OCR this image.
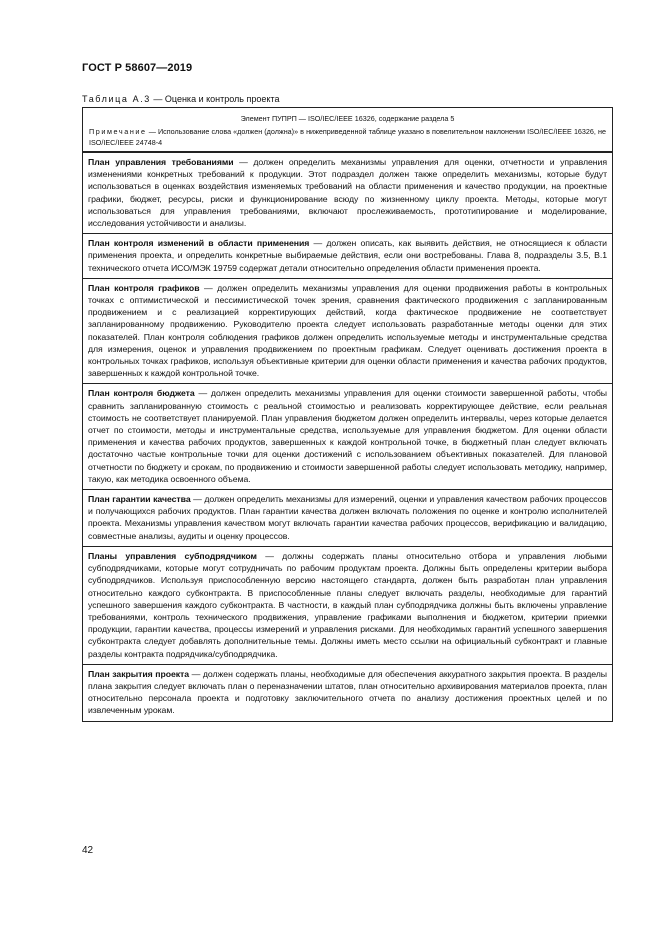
ГОСТ Р 58607—2019
Таблица А.3 — Оценка и контроль проекта
Элемент ПУПРП — ISO/IEC/IEEE 16326, содержание раздела 5
Примечание — Использование слова «должен (должна)» в нижеприведенной таблице указано в повелительном наклонении ISO/IEC/IEEE 16326, не ISO/IEC/IEEE 24748-4
План управления требованиями — должен определить механизмы управления для оценки, отчетности и управления изменениями конкретных требований к продукции. Этот подраздел должен также определить механизмы, которые будут использоваться в оценках воздействия изменяемых требований на области применения и качество продукции, на проектные графики, бюджет, ресурсы, риски и функционирование всюду по жизненному циклу проекта. Методы, которые могут использоваться для управления требованиями, включают прослеживаемость, прототипирование и моделирование, исследования устойчивости и анализы.
План контроля изменений в области применения — должен описать, как выявить действия, не относящиеся к области применения проекта, и определить конкретные выбираемые действия, если они востребованы. Глава 8, подразделы 3.5, В.1 технического отчета ИСО/МЭК 19759 содержат детали относительно определения области применения проекта.
План контроля графиков — должен определить механизмы управления для оценки продвижения работы в контрольных точках с оптимистической и пессимистической точек зрения, сравнения фактического продвижения с запланированным продвижением и с реализацией корректирующих действий, когда фактическое продвижение не соответствует запланированному продвижению. Руководителю проекта следует использовать разработанные методы оценки для этих показателей. План контроля соблюдения графиков должен определить используемые методы и инструментальные средства для измерения, оценок и управления продвижением по проектным графикам. Следует оценивать достижения проекта в контрольных точках графиков, используя объективные критерии для оценки области применения и качества рабочих продуктов, завершенных к каждой контрольной точке.
План контроля бюджета — должен определить механизмы управления для оценки стоимости завершенной работы, чтобы сравнить запланированную стоимость с реальной стоимостью и реализовать корректирующее действие, если реальная стоимость не соответствует планируемой. План управления бюджетом должен определить интервалы, через которые делается отчет по стоимости, методы и инструментальные средства, используемые для управления бюджетом. Для оценки области применения и качества рабочих продуктов, завершенных к каждой контрольной точке, в бюджетный план следует включать достаточно частые контрольные точки для оценки достижений с использованием объективных показателей. Для плановой отчетности по бюджету и срокам, по продвижению и стоимости завершенной работы следует использовать методику, например, такую, как методика освоенного объема.
План гарантии качества — должен определить механизмы для измерений, оценки и управления качеством рабочих процессов и получающихся рабочих продуктов. План гарантии качества должен включать положения по оценке и контролю исполнителей проекта. Механизмы управления качеством могут включать гарантии качества рабочих процессов, верификацию и валидацию, совместные анализы, аудиты и оценку процессов.
Планы управления субподрядчиком — должны содержать планы относительно отбора и управления любыми субподрядчиками, которые могут сотрудничать по рабочим продуктам проекта. Должны быть определены критерии выбора субподрядчиков. Используя приспособленную версию настоящего стандарта, должен быть разработан план управления относительно каждого субконтракта. В приспособленные планы следует включать разделы, необходимые для гарантий успешного завершения каждого субконтракта. В частности, в каждый план субподрядчика должны быть включены управление требованиями, контроль технического продвижения, управление графиками выполнения и бюджетом, критерии приемки продукции, гарантии качества, процессы измерений и управления рисками. Для необходимых гарантий успешного завершения субконтракта следует добавлять дополнительные темы. Должны иметь место ссылки на официальный субконтракт и главные разделы контракта подрядчика/субподрядчика.
План закрытия проекта — должен содержать планы, необходимые для обеспечения аккуратного закрытия проекта. В разделы плана закрытия следует включать план о переназначении штатов, план относительно архивирования материалов проекта, план относительно персонала проекта и подготовку заключительного отчета по анализу достижения проектных целей и по извлеченным урокам.
42
